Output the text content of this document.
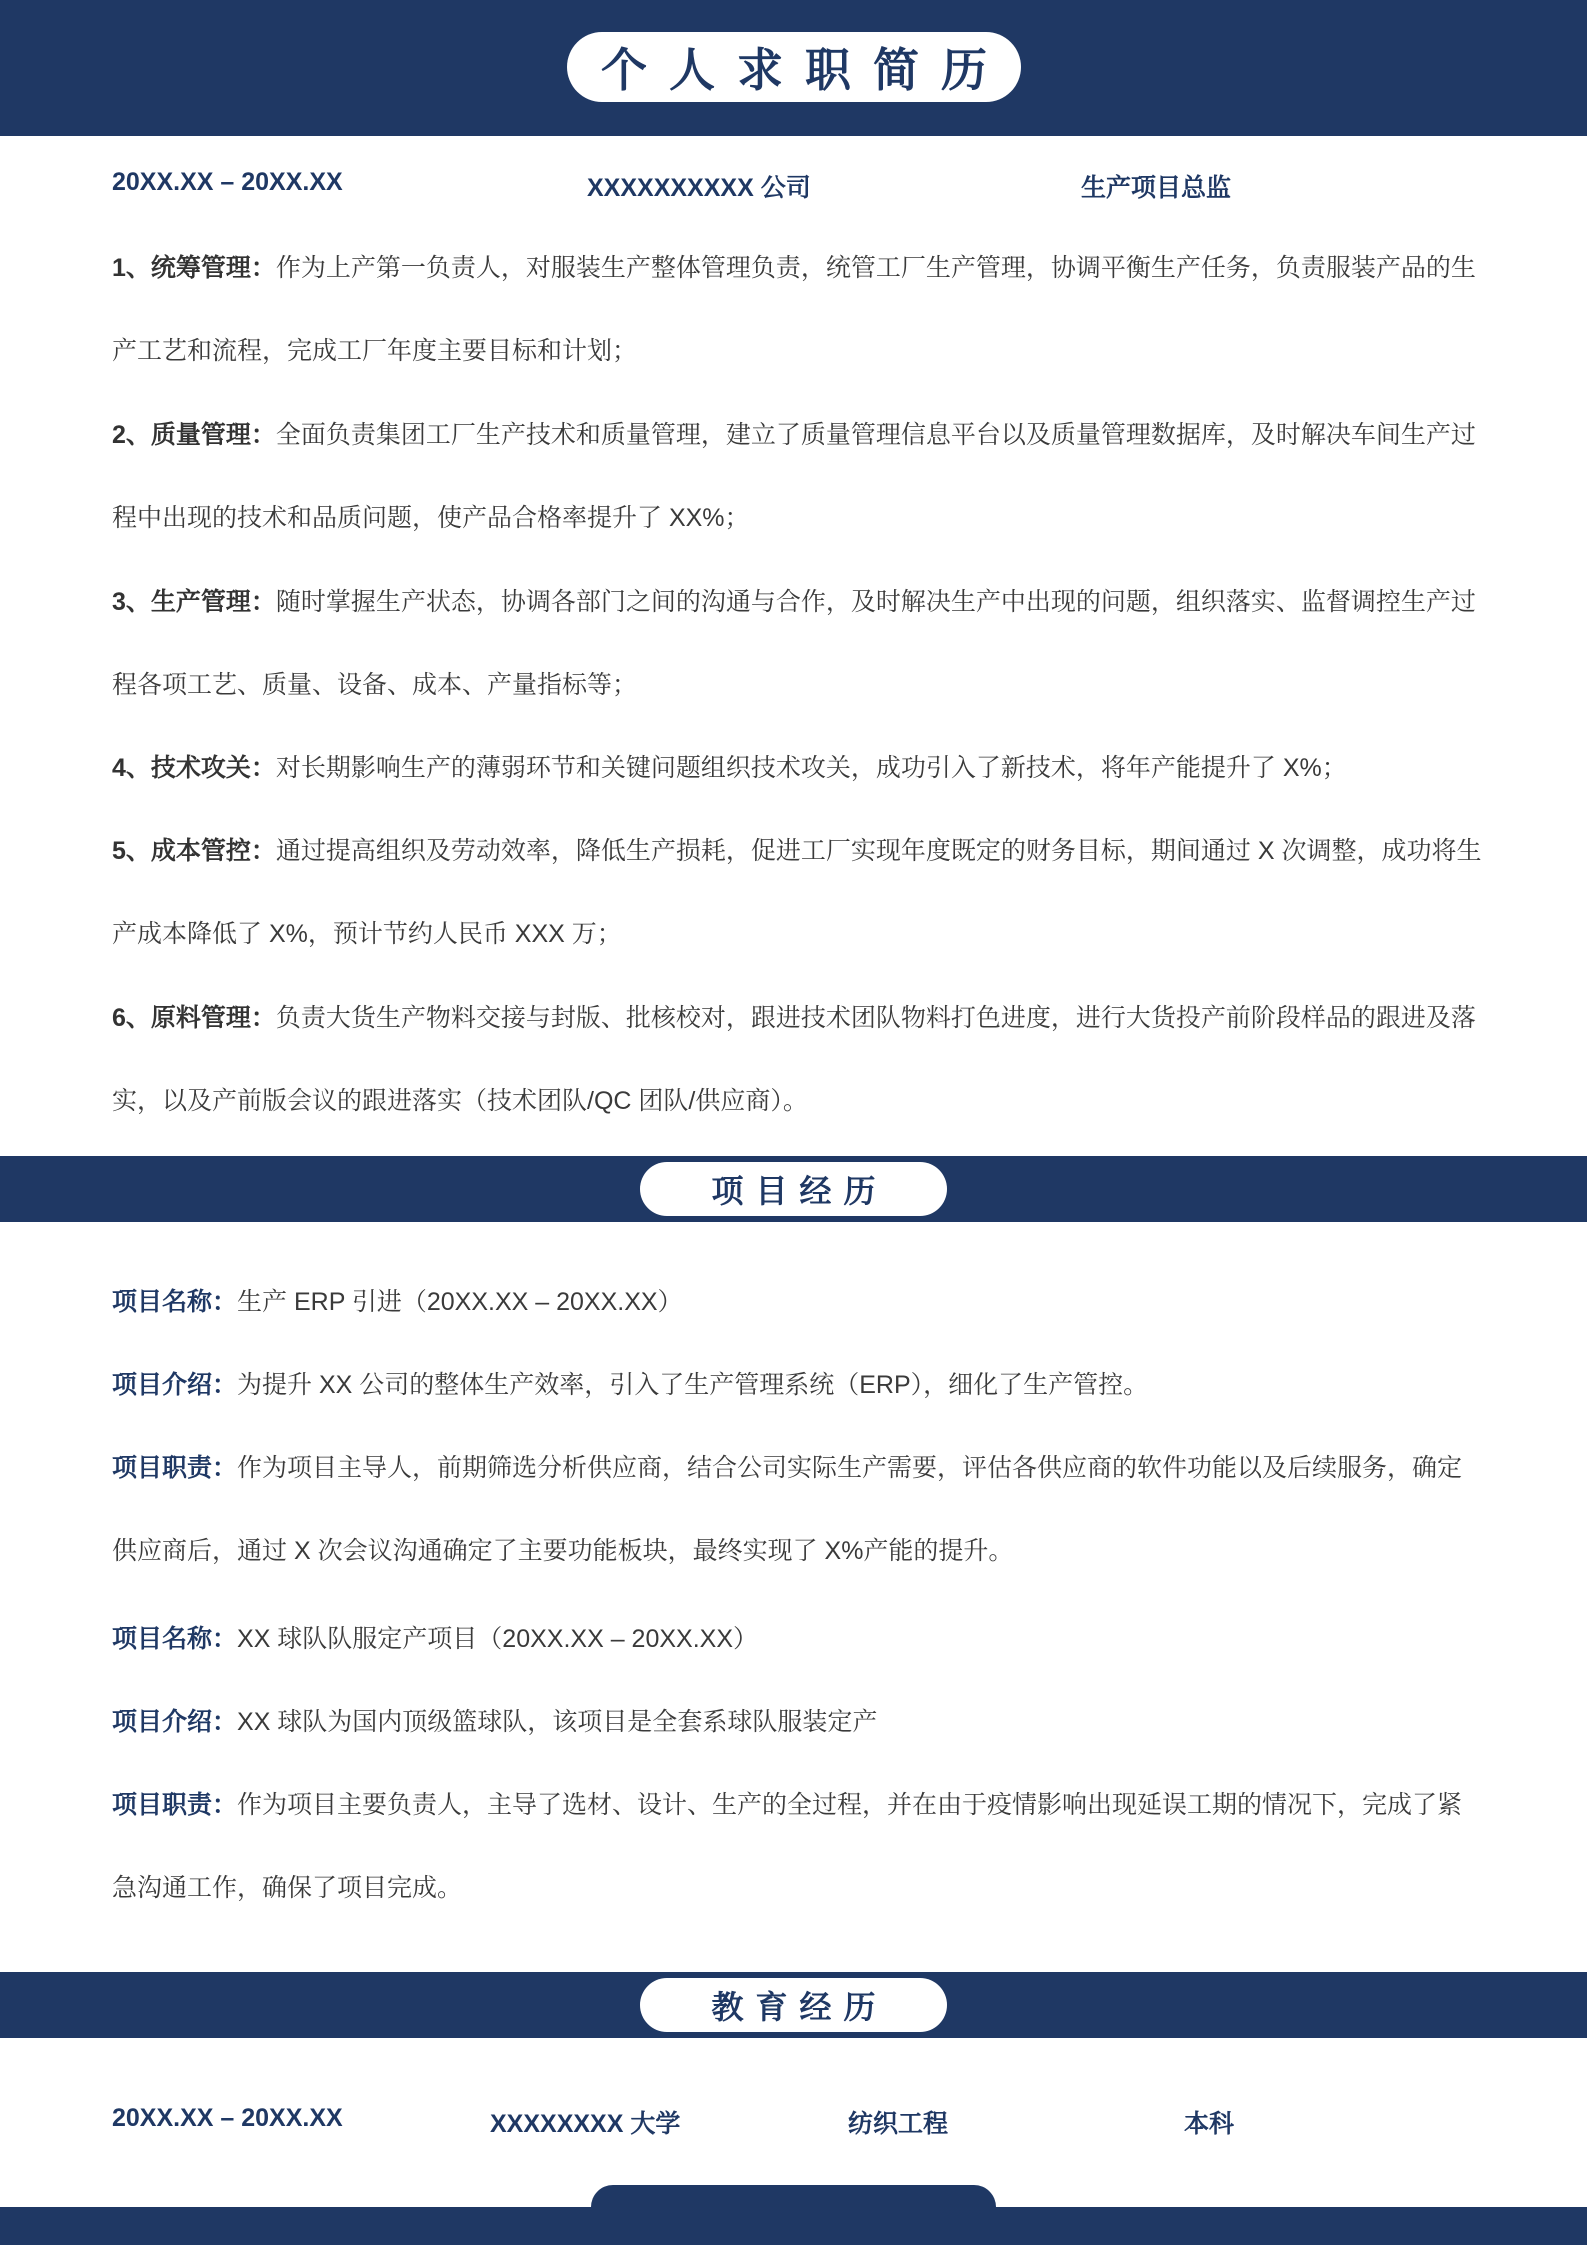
个人求职简历
20XX.XX – 20XX.XX	XXXXXXXXXX 公司	生产项目总监
1、统筹管理：作为上产第一负责人，对服装生产整体管理负责，统管工厂生产管理，协调平衡生产任务，负责服装产品的生产工艺和流程，完成工厂年度主要目标和计划；
2、质量管理：全面负责集团工厂生产技术和质量管理，建立了质量管理信息平台以及质量管理数据库，及时解决车间生产过程中出现的技术和品质问题，使产品合格率提升了 XX%；
3、生产管理：随时掌握生产状态，协调各部门之间的沟通与合作，及时解决生产中出现的问题，组织落实、监督调控生产过程各项工艺、质量、设备、成本、产量指标等；
4、技术攻关：对长期影响生产的薄弱环节和关键问题组织技术攻关，成功引入了新技术，将年产能提升了 X%；
5、成本管控：通过提高组织及劳动效率，降低生产损耗，促进工厂实现年度既定的财务目标，期间通过 X 次调整，成功将生产成本降低了 X%，预计节约人民币 XXX 万；
6、原料管理：负责大货生产物料交接与封版、批核校对，跟进技术团队物料打色进度，进行大货投产前阶段样品的跟进及落实，以及产前版会议的跟进落实（技术团队/QC 团队/供应商）。
项目经历
项目名称：生产 ERP 引进（20XX.XX – 20XX.XX）
项目介绍：为提升 XX 公司的整体生产效率，引入了生产管理系统（ERP），细化了生产管控。
项目职责：作为项目主导人，前期筛选分析供应商，结合公司实际生产需要，评估各供应商的软件功能以及后续服务，确定供应商后，通过 X 次会议沟通确定了主要功能板块，最终实现了 X%产能的提升。
项目名称：XX 球队队服定产项目（20XX.XX – 20XX.XX）
项目介绍：XX 球队为国内顶级篮球队，该项目是全套系球队服装定产
项目职责：作为项目主要负责人，主导了选材、设计、生产的全过程，并在由于疫情影响出现延误工期的情况下，完成了紧急沟通工作，确保了项目完成。
教育经历
20XX.XX – 20XX.XX	XXXXXXXX 大学	纺织工程	本科
